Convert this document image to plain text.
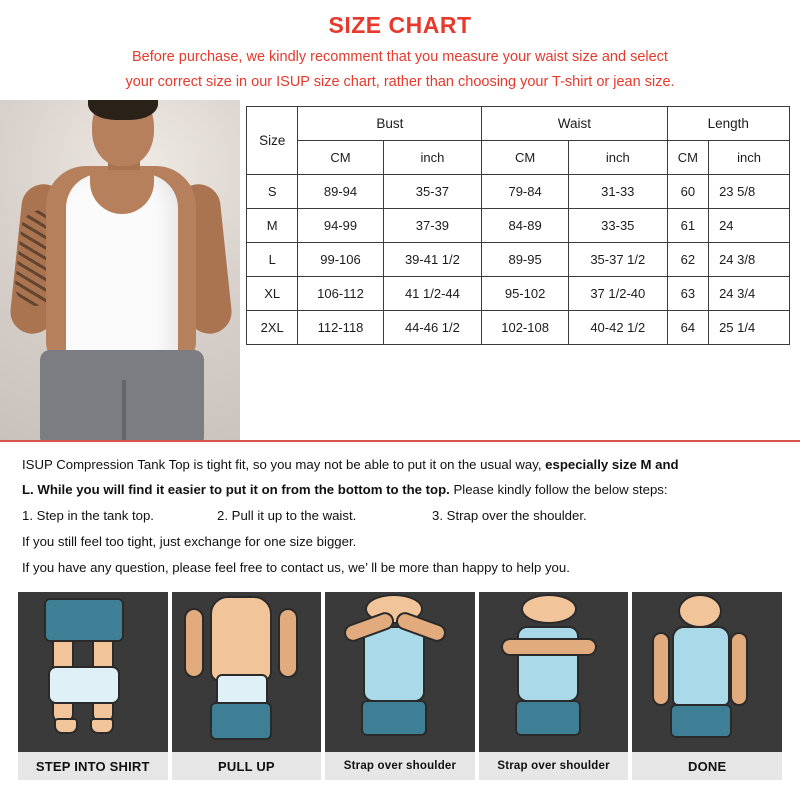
SIZE CHART
Before purchase, we kindly recomment that you measure your waist size and select
your correct size in our ISUP size chart, rather than choosing your T-shirt or jean size.
Size	Bust		Waist		Length	
	CM	inch	CM	inch	CM	inch
S	89-94	35-37	79-84	31-33	60	23 5/8
M	94-99	37-39	84-89	33-35	61	24
L	99-106	39-41 1/2	89-95	35-37 1/2	62	24 3/8
XL	106-112	41 1/2-44	95-102	37 1/2-40	63	24 3/4
2XL	112-118	44-46 1/2	102-108	40-42 1/2	64	25 1/4
ISUP Compression Tank Top is tight fit, so you may not be able to put it on the usual way, especially size M and
L. While you will find it easier to put it on from the bottom to the top. Please kindly follow the below steps:
1. Step in the tank top.	2. Pull it up to the waist.	3. Strap over the shoulder.
If you still feel too tight, just exchange for one size bigger.
If you have any question, please feel free to contact us, we’ ll be more than happy to help you.
STEP INTO SHIRT	PULL UP	Strap over shoulder	Strap over shoulder	DONE
